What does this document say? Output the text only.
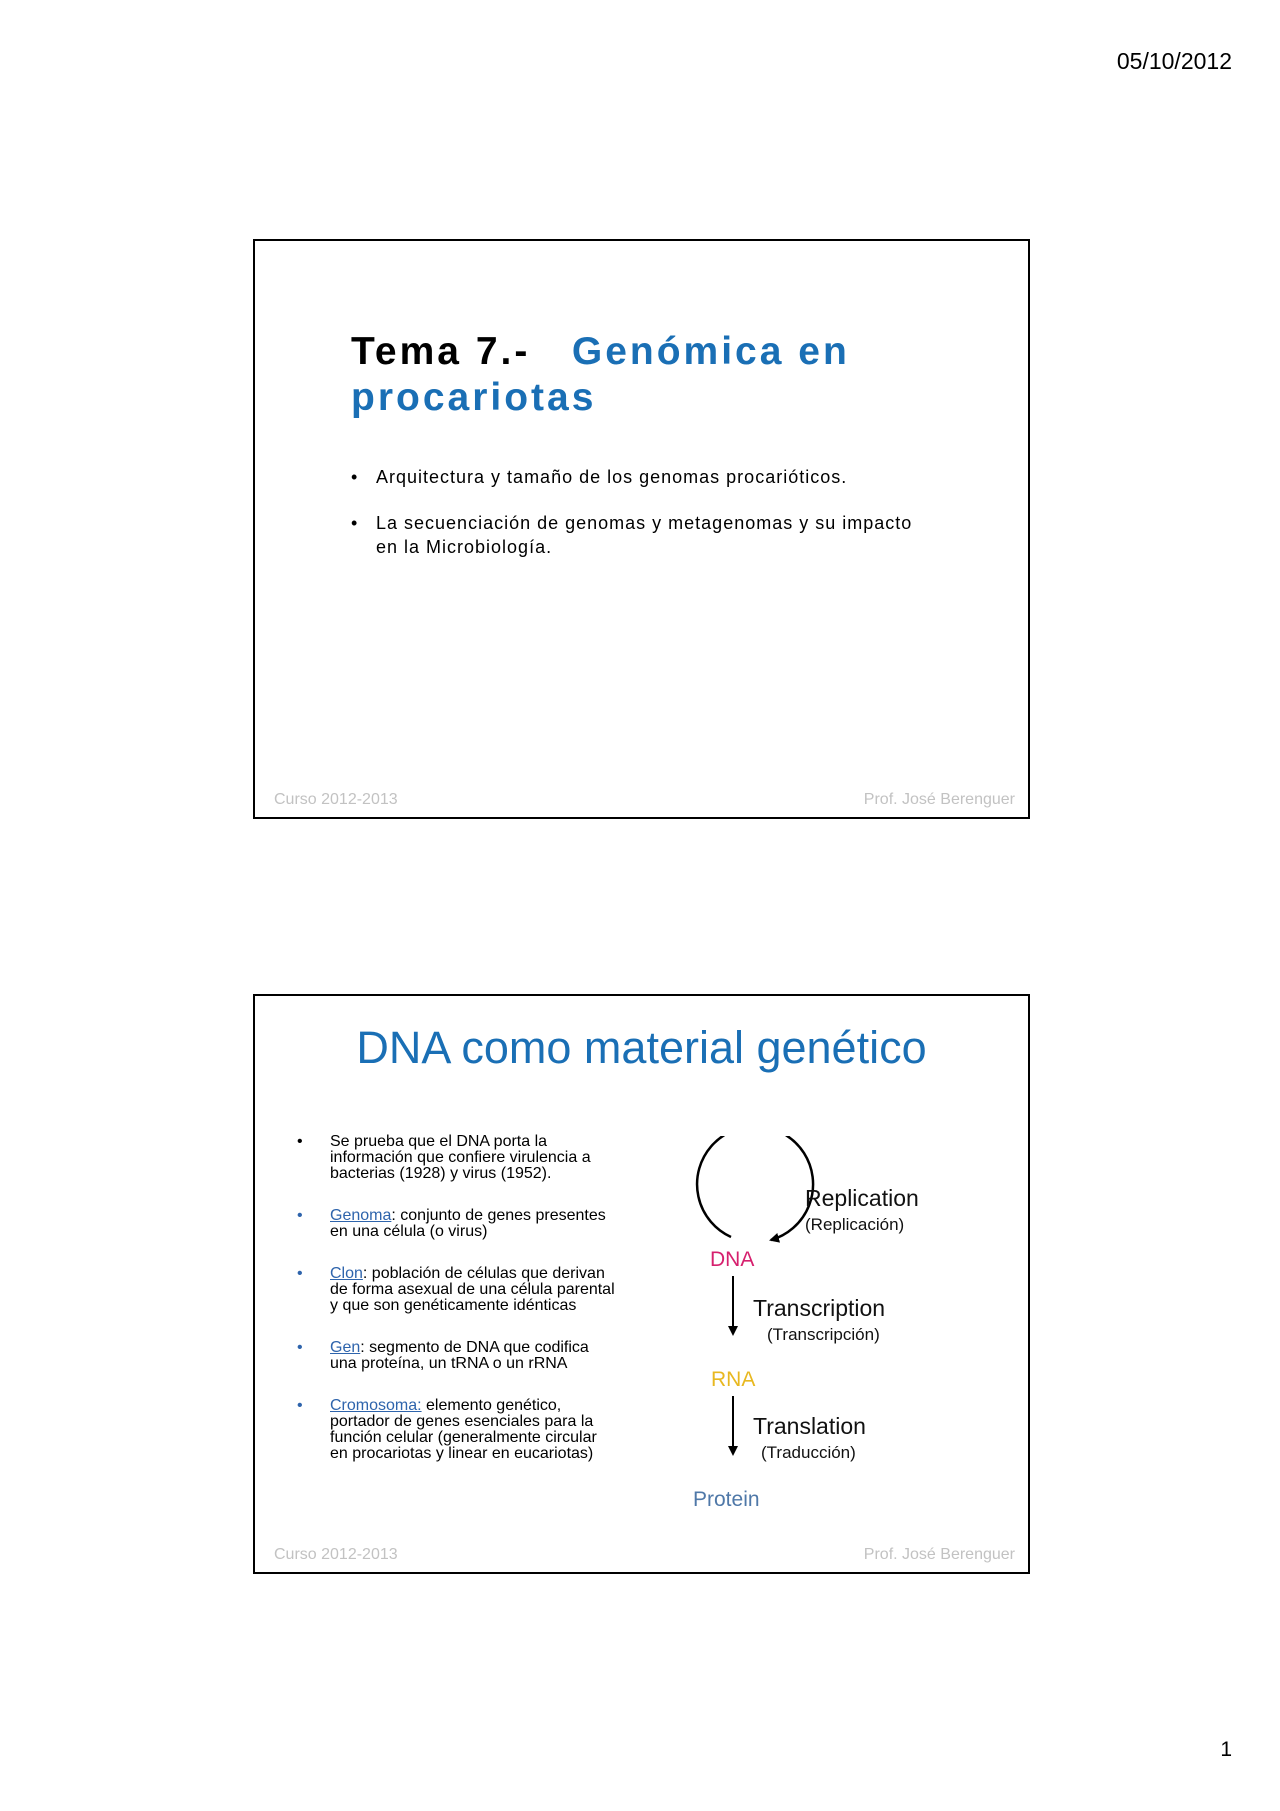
05/10/2012
Tema 7.- Genómica en procariotas
• Arquitectura y tamaño de los genomas procarióticos.
• La secuenciación de genomas y metagenomas y su impacto en la Microbiología.
Curso 2012-2013	Prof. José Berenguer
DNA como material genético
• Se prueba que el DNA porta la información que confiere virulencia a bacterias (1928) y virus (1952).
• Genoma: conjunto de genes presentes en una célula (o virus)
• Clon: población de células que derivan de forma asexual de una célula parental y que son genéticamente idénticas
• Gen: segmento de DNA que codifica una proteína, un tRNA o un rRNA
• Cromosoma: elemento genético, portador de genes esenciales para la función celular (generalmente circular en procariotas y linear en eucariotas)
DNA
Replication
(Replicación)
Transcription
(Transcripción)
RNA
Translation
(Traducción)
Protein
Curso 2012-2013	Prof. José Berenguer
1
